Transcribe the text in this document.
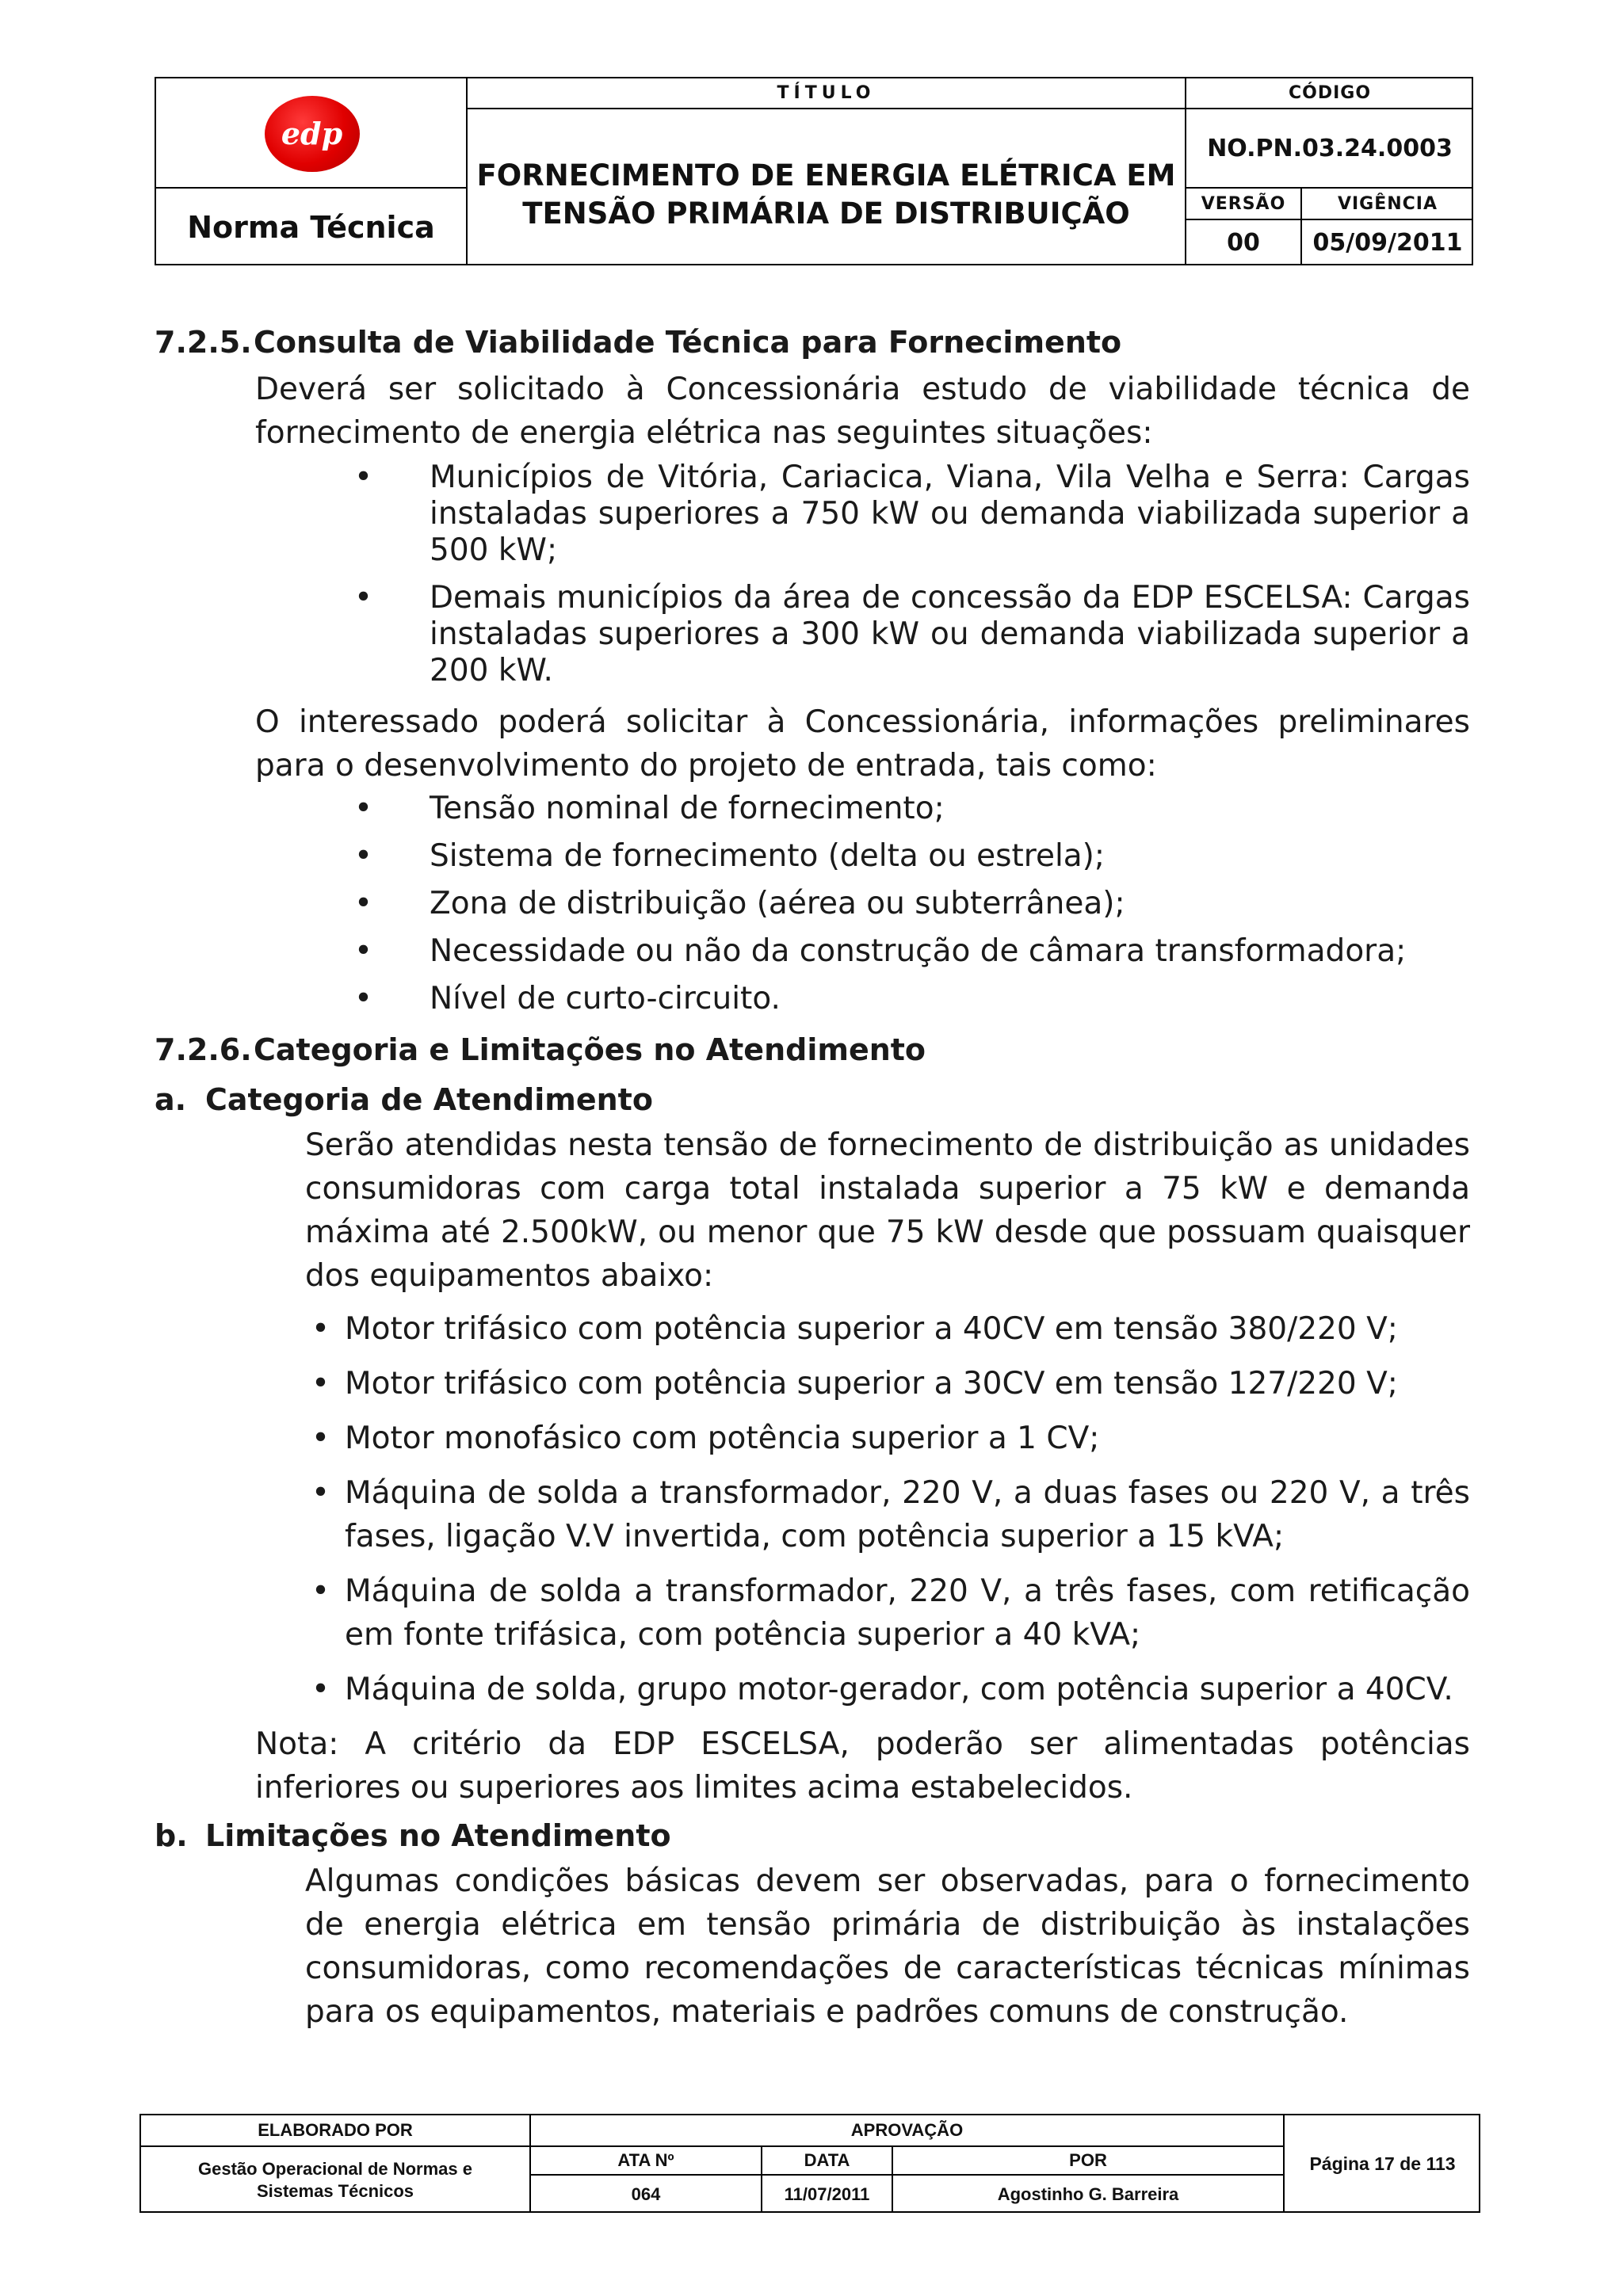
edp
Norma Técnica
TÍTULO
FORNECIMENTO DE ENERGIA ELÉTRICA EM
TENSÃO PRIMÁRIA DE DISTRIBUIÇÃO
CÓDIGO
NO.PN.03.24.0003
VERSÃO	VIGÊNCIA
00	05/09/2011

7.2.5.Consulta de Viabilidade Técnica para Fornecimento

Deverá ser solicitado à Concessionária estudo de viabilidade técnica de fornecimento de energia elétrica nas seguintes situações:

• Municípios de Vitória, Cariacica, Viana, Vila Velha e Serra: Cargas instaladas superiores a 750 kW ou demanda viabilizada superior a 500 kW;
• Demais municípios da área de concessão da EDP ESCELSA: Cargas instaladas superiores a 300 kW ou demanda viabilizada superior a 200 kW.

O interessado poderá solicitar à Concessionária, informações preliminares para o desenvolvimento do projeto de entrada, tais como:

• Tensão nominal de fornecimento;
• Sistema de fornecimento (delta ou estrela);
• Zona de distribuição (aérea ou subterrânea);
• Necessidade ou não da construção de câmara transformadora;
• Nível de curto-circuito.

7.2.6.Categoria e Limitações no Atendimento

a. Categoria de Atendimento

Serão atendidas nesta tensão de fornecimento de distribuição as unidades consumidoras com carga total instalada superior a 75 kW e demanda máxima até 2.500kW, ou menor que 75 kW desde que possuam quaisquer dos equipamentos abaixo:

• Motor trifásico com potência superior a 40CV em tensão 380/220 V;
• Motor trifásico com potência superior a 30CV em tensão 127/220 V;
• Motor monofásico com potência superior a 1 CV;
• Máquina de solda a transformador, 220 V, a duas fases ou 220 V, a três fases, ligação V.V invertida, com potência superior a 15 kVA;
• Máquina de solda a transformador, 220 V, a três fases, com retificação em fonte trifásica, com potência superior a 40 kVA;
• Máquina de solda, grupo motor-gerador, com potência superior a 40CV.

Nota: A critério da EDP ESCELSA, poderão ser alimentadas potências inferiores ou superiores aos limites acima estabelecidos.

b. Limitações no Atendimento

Algumas condições básicas devem ser observadas, para o fornecimento de energia elétrica em tensão primária de distribuição às instalações consumidoras, como recomendações de características técnicas mínimas para os equipamentos, materiais e padrões comuns de construção.

ELABORADO POR
Gestão Operacional de Normas e
Sistemas Técnicos
APROVAÇÃO
ATA Nº	DATA	POR
064	11/07/2011	Agostinho G. Barreira
Página 17 de 113
